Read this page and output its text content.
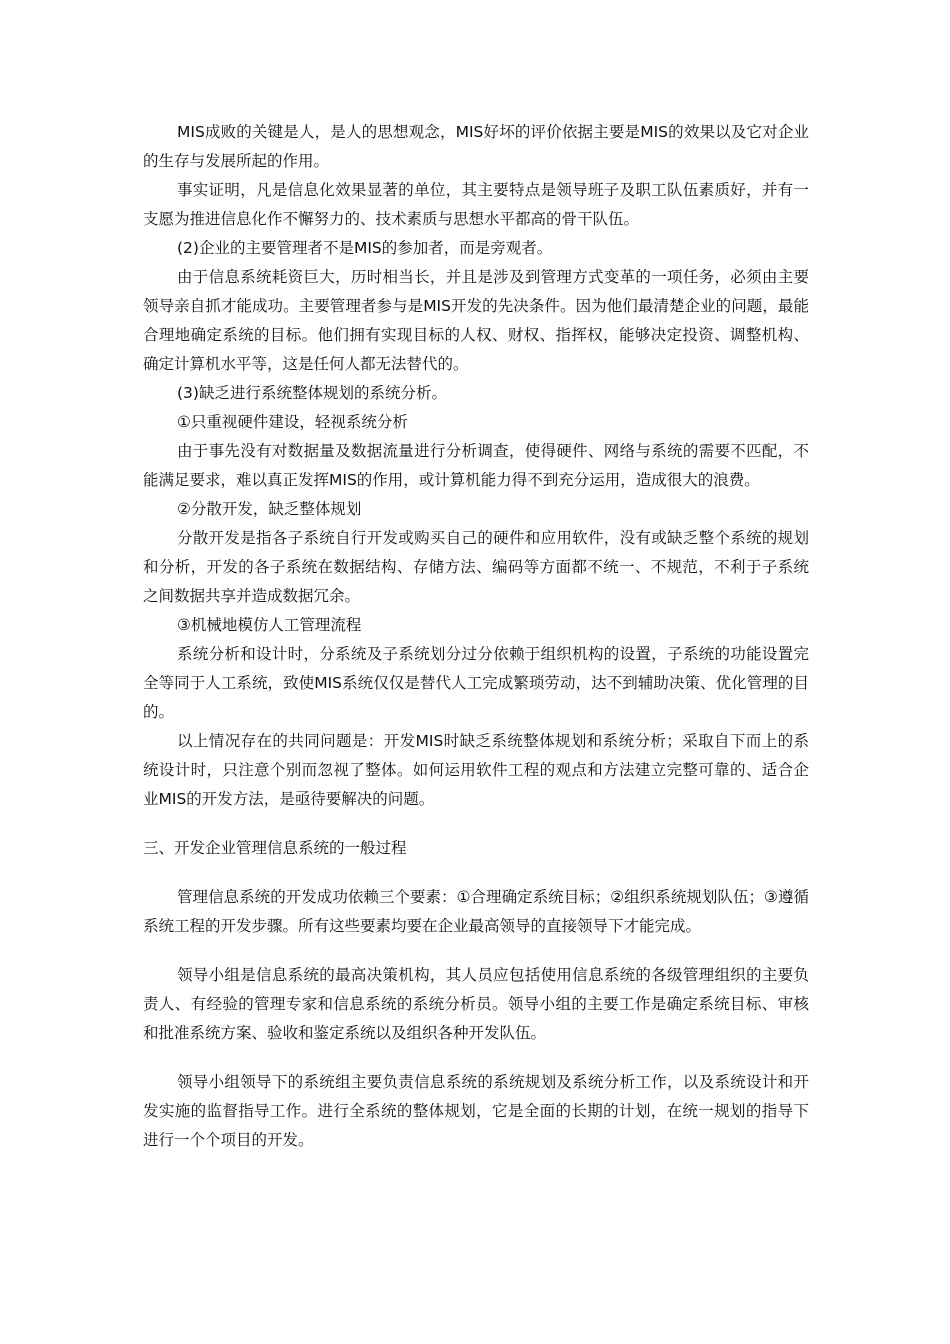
MIS成败的关键是人，是人的思想观念，MIS好坏的评价依据主要是MIS的效果以及它对企业的生存与发展所起的作用。

事实证明，凡是信息化效果显著的单位，其主要特点是领导班子及职工队伍素质好，并有一支愿为推进信息化作不懈努力的、技术素质与思想水平都高的骨干队伍。

(2)企业的主要管理者不是MIS的参加者，而是旁观者。

由于信息系统耗资巨大，历时相当长，并且是涉及到管理方式变革的一项任务，必须由主要领导亲自抓才能成功。主要管理者参与是MIS开发的先决条件。因为他们最清楚企业的问题，最能合理地确定系统的目标。他们拥有实现目标的人权、财权、指挥权，能够决定投资、调整机构、确定计算机水平等，这是任何人都无法替代的。

(3)缺乏进行系统整体规划的系统分析。

①只重视硬件建设，轻视系统分析

由于事先没有对数据量及数据流量进行分析调查，使得硬件、网络与系统的需要不匹配，不能满足要求，难以真正发挥MIS的作用，或计算机能力得不到充分运用，造成很大的浪费。

②分散开发，缺乏整体规划

分散开发是指各子系统自行开发或购买自己的硬件和应用软件，没有或缺乏整个系统的规划和分析，开发的各子系统在数据结构、存储方法、编码等方面都不统一、不规范，不利于子系统之间数据共享并造成数据冗余。

③机械地模仿人工管理流程

系统分析和设计时，分系统及子系统划分过分依赖于组织机构的设置，子系统的功能设置完全等同于人工系统，致使MIS系统仅仅是替代人工完成繁琐劳动，达不到辅助决策、优化管理的目的。

以上情况存在的共同问题是：开发MIS时缺乏系统整体规划和系统分析；采取自下而上的系统设计时，只注意个别而忽视了整体。如何运用软件工程的观点和方法建立完整可靠的、适合企业MIS的开发方法，是亟待要解决的问题。

三、开发企业管理信息系统的一般过程

管理信息系统的开发成功依赖三个要素：①合理确定系统目标；②组织系统规划队伍；③遵循系统工程的开发步骤。所有这些要素均要在企业最高领导的直接领导下才能完成。

领导小组是信息系统的最高决策机构，其人员应包括使用信息系统的各级管理组织的主要负责人、有经验的管理专家和信息系统的系统分析员。领导小组的主要工作是确定系统目标、审核和批准系统方案、验收和鉴定系统以及组织各种开发队伍。

领导小组领导下的系统组主要负责信息系统的系统规划及系统分析工作，以及系统设计和开发实施的监督指导工作。进行全系统的整体规划，它是全面的长期的计划，在统一规划的指导下进行一个个项目的开发。
